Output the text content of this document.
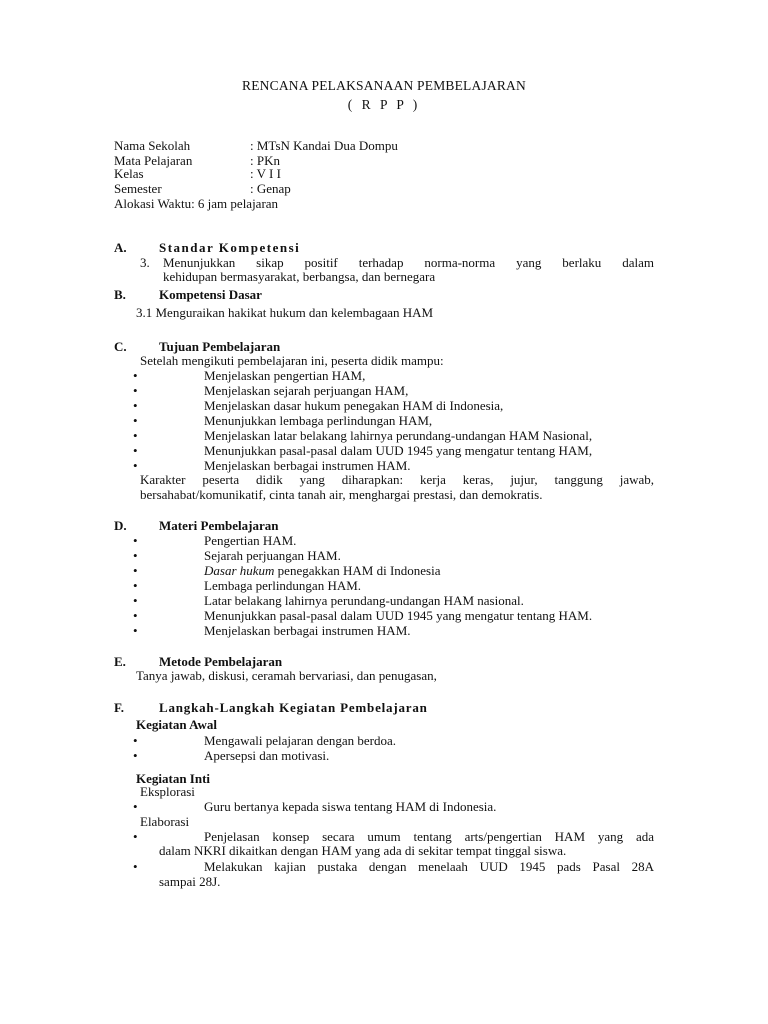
RENCANA PELAKSANAAN PEMBELAJARAN
( R P P )
Nama Sekolah	: MTsN Kandai Dua Dompu
Mata Pelajaran	: PKn
Kelas	: V I I
Semester	: Genap
Alokasi Waktu: 6 jam pelajaran
A. Standar Kompetensi
3. Menunjukkan sikap positif terhadap norma-norma yang berlaku dalam
kehidupan bermasyarakat, berbangsa, dan bernegara
B.	Kompetensi Dasar
3.1 Menguraikan hakikat hukum dan kelembagaan HAM
C. Tujuan Pembelajaran
Setelah mengikuti pembelajaran ini, peserta didik mampu:
•
Menjelaskan pengertian HAM,
•
Menjelaskan sejarah perjuangan HAM,
•
Menjelaskan dasar hukum penegakan HAM di Indonesia,
•
Menunjukkan lembaga perlindungan HAM,
•
Menjelaskan latar belakang lahirnya perundang-undangan HAM Nasional,
•
Menunjukkan pasal-pasal dalam UUD 1945 yang mengatur tentang HAM,
•
Menjelaskan berbagai instrumen HAM.
Karakter peserta didik yang diharapkan: kerja keras, jujur, tanggung jawab,
bersahabat/komunikatif, cinta tanah air, menghargai prestasi, dan demokratis.
D. Materi Pembelajaran
•
Pengertian HAM.
•
Sejarah perjuangan HAM.
•
Dasar hukum penegakkan HAM di Indonesia
•
Lembaga perlindungan HAM.
•
Latar belakang lahirnya perundang-undangan HAM nasional.
•
Menunjukkan pasal-pasal dalam UUD 1945 yang mengatur tentang HAM.
•
Menjelaskan berbagai instrumen HAM.
E.	Metode Pembelajaran
Tanya jawab, diskusi, ceramah bervariasi, dan penugasan,
F.	Langkah-Langkah Kegiatan Pembelajaran
Kegiatan Awal
•
Mengawali pelajaran dengan berdoa.
•
Apersepsi dan motivasi.
Kegiatan Inti
Eksplorasi
•
Guru bertanya kepada siswa tentang HAM di Indonesia.
Elaborasi
•
Penjelasan konsep secara umum tentang arts/pengertian HAM yang ada
dalam NKRI dikaitkan dengan HAM yang ada di sekitar tempat tinggal siswa.
•
Melakukan kajian pustaka dengan menelaah UUD 1945 pads Pasal 28A
sampai 28J.
